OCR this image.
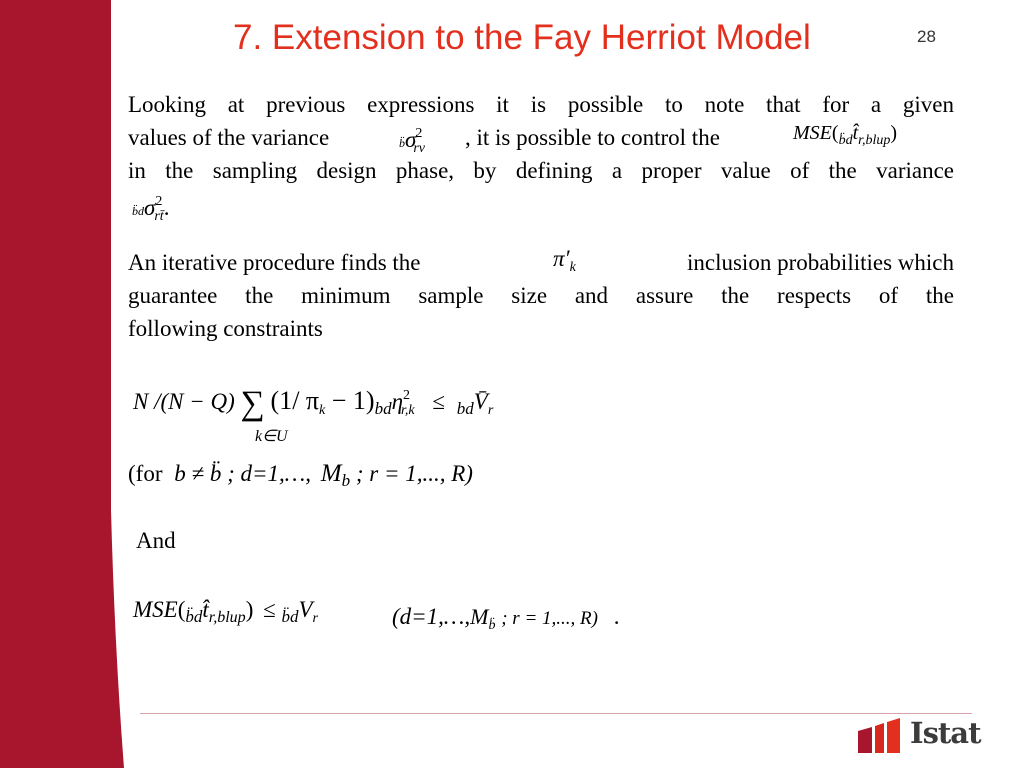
7. Extension to the Fay Herriot Model	28
Looking at previous expressions it is possible to note that for a given
values of the variance	$b̈\sigma^2_{rv}$ , it is possible to control the	$MSE(_{b̈d}t̂_{r,blup})$
in the sampling design phase, by defining a proper value of the variance
$b̈d\sigma^2_{rt̄}$.
An iterative procedure finds the	$\pi'_k$	inclusion probabilities which
guarantee the minimum sample size and assure the respects of the
following constraints
N /(N − Q) ∑ (1/ $\pi_k - 1)_{bd}\eta^2_{r,k}$ ≤ $_{bd}V̄_r$
k∈U
(for b ≠ b̈ ; d=1,…, $M_b$ ; r = 1,..., R)
And
$MSE(_{b̈d}t̂_{r,blup}) \le _{b̈d}V_r$	($d=1,\dots,M_{b̈}$ ; r = 1,..., R) .
Istat
